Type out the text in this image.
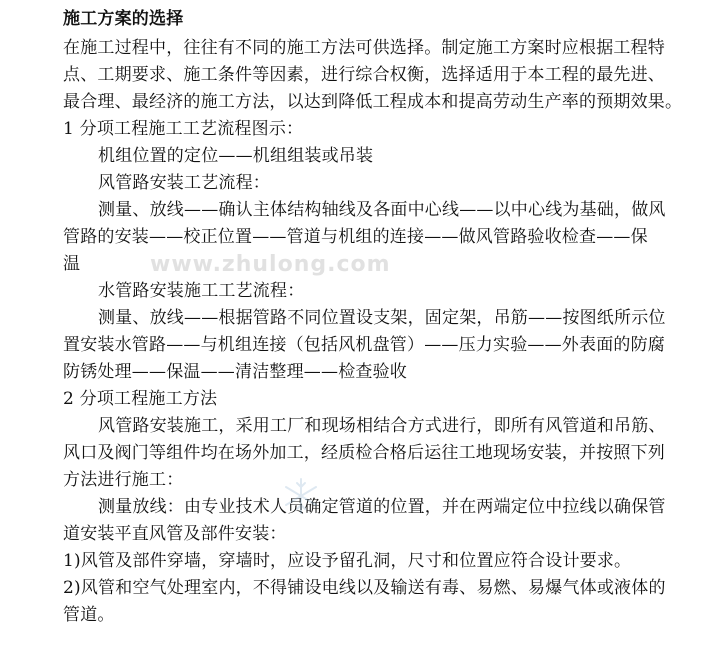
施工方案的选择
在施工过程中，往往有不同的施工方法可供选择。制定施工方案时应根据工程特
点、工期要求、施工条件等因素，进行综合权衡，选择适用于本工程的最先进、
最合理、最经济的施工方法，以达到降低工程成本和提高劳动生产率的预期效果。
1 分项工程施工工艺流程图示：
机组位置的定位——机组组装或吊装
风管路安装工艺流程：
测量、放线——确认主体结构轴线及各面中心线——以中心线为基础，做风
管路的安装——校正位置——管道与机组的连接——做风管路验收检查——保
温
水管路安装施工工艺流程：
测量、放线——根据管路不同位置设支架，固定架，吊筋——按图纸所示位
置安装水管路——与机组连接（包括风机盘管）——压力实验——外表面的防腐
防锈处理——保温——清洁整理——检查验收
2 分项工程施工方法
风管路安装施工，采用工厂和现场相结合方式进行，即所有风管道和吊筋、
风口及阀门等组件均在场外加工，经质检合格后运往工地现场安装，并按照下列
方法进行施工：
测量放线：由专业技术人员确定管道的位置，并在两端定位中拉线以确保管
道安装平直风管及部件安装：
1)风管及部件穿墙，穿墙时，应设予留孔洞，尺寸和位置应符合设计要求。
2)风管和空气处理室内，不得铺设电线以及输送有毒、易燃、易爆气体或液体的
管道。
www.zhulong.com
